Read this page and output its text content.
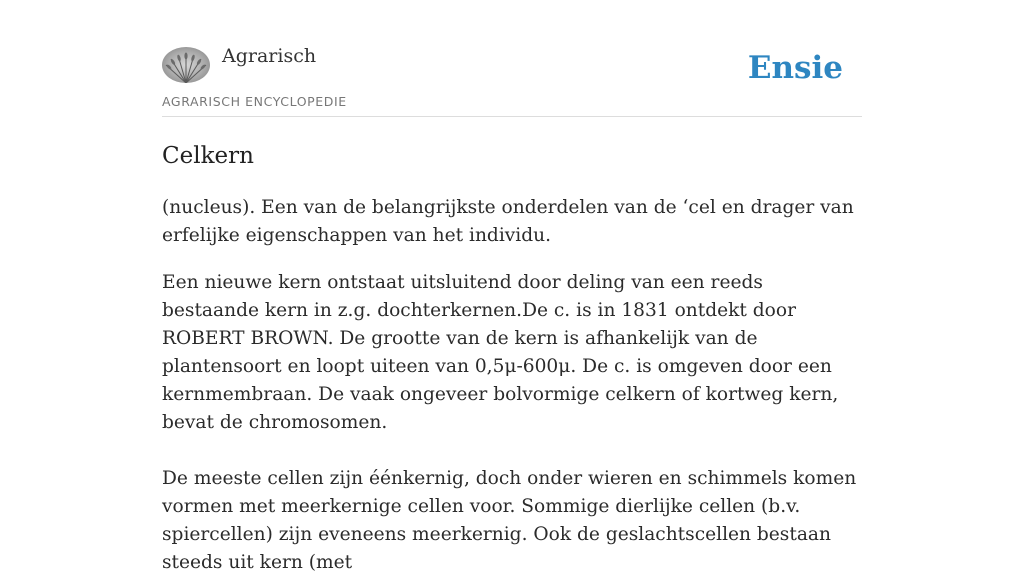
Agrarisch
AGRARISCH ENCYCLOPEDIE
Ensie
Celkern

(nucleus). Een van de belangrijkste onderdelen van de ‘cel en drager van erfelijke eigenschappen van het individu.

Een nieuwe kern ontstaat uitsluitend door deling van een reeds bestaande kern in z.g. dochterkernen.De c. is in 1831 ontdekt door ROBERT BROWN. De grootte van de kern is afhankelijk van de plantensoort en loopt uiteen van 0,5μ-600μ. De c. is omgeven door een kernmembraan. De vaak ongeveer bolvormige celkern of kortweg kern, bevat de chromosomen.

De meeste cellen zijn éénkernig, doch onder wieren en schimmels komen vormen met meerkernige cellen voor. Sommige dierlijke cellen (b.v. spiercellen) zijn eveneens meerkernig. Ook de geslachtscellen bestaan steeds uit kern (met
